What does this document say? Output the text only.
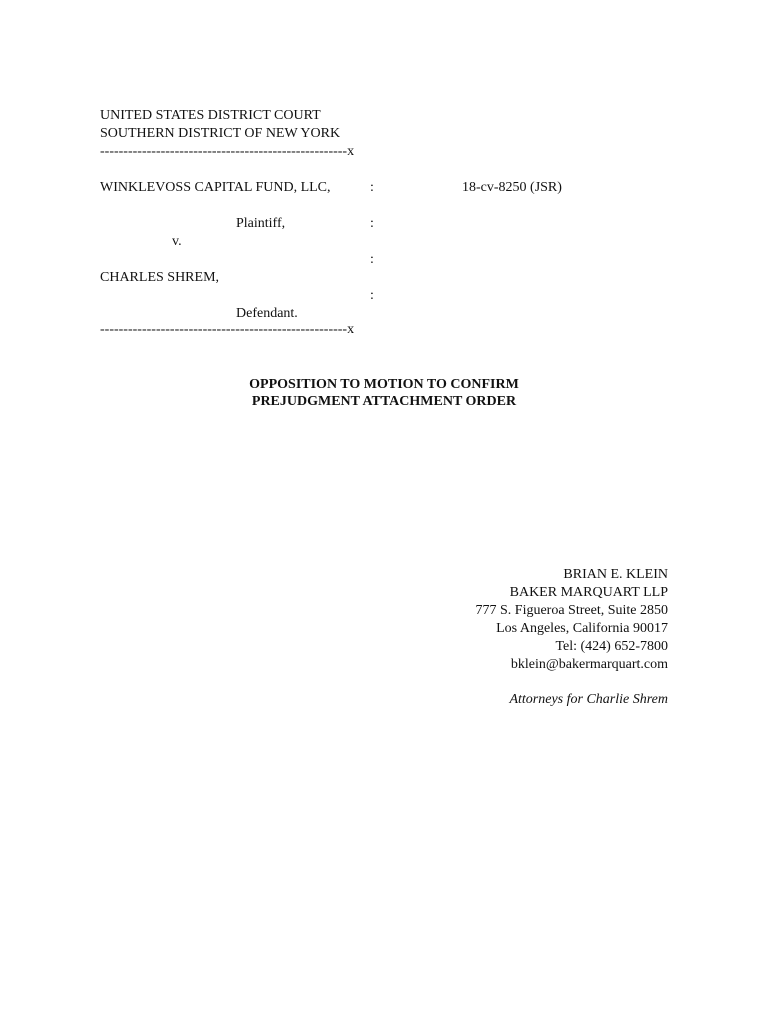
UNITED STATES DISTRICT COURT
SOUTHERN DISTRICT OF NEW YORK
-----------------------------------------------------x
WINKLEVOSS CAPITAL FUND, LLC,	:	18-cv-8250 (JSR)
Plaintiff,	:
v.
:
CHARLES SHREM,
:
Defendant.
-----------------------------------------------------x
OPPOSITION TO MOTION TO CONFIRM
PREJUDGMENT ATTACHMENT ORDER
BRIAN E. KLEIN
BAKER MARQUART LLP
777 S. Figueroa Street, Suite 2850
Los Angeles, California 90017
Tel: (424) 652-7800
bklein@bakermarquart.com
Attorneys for Charlie Shrem
